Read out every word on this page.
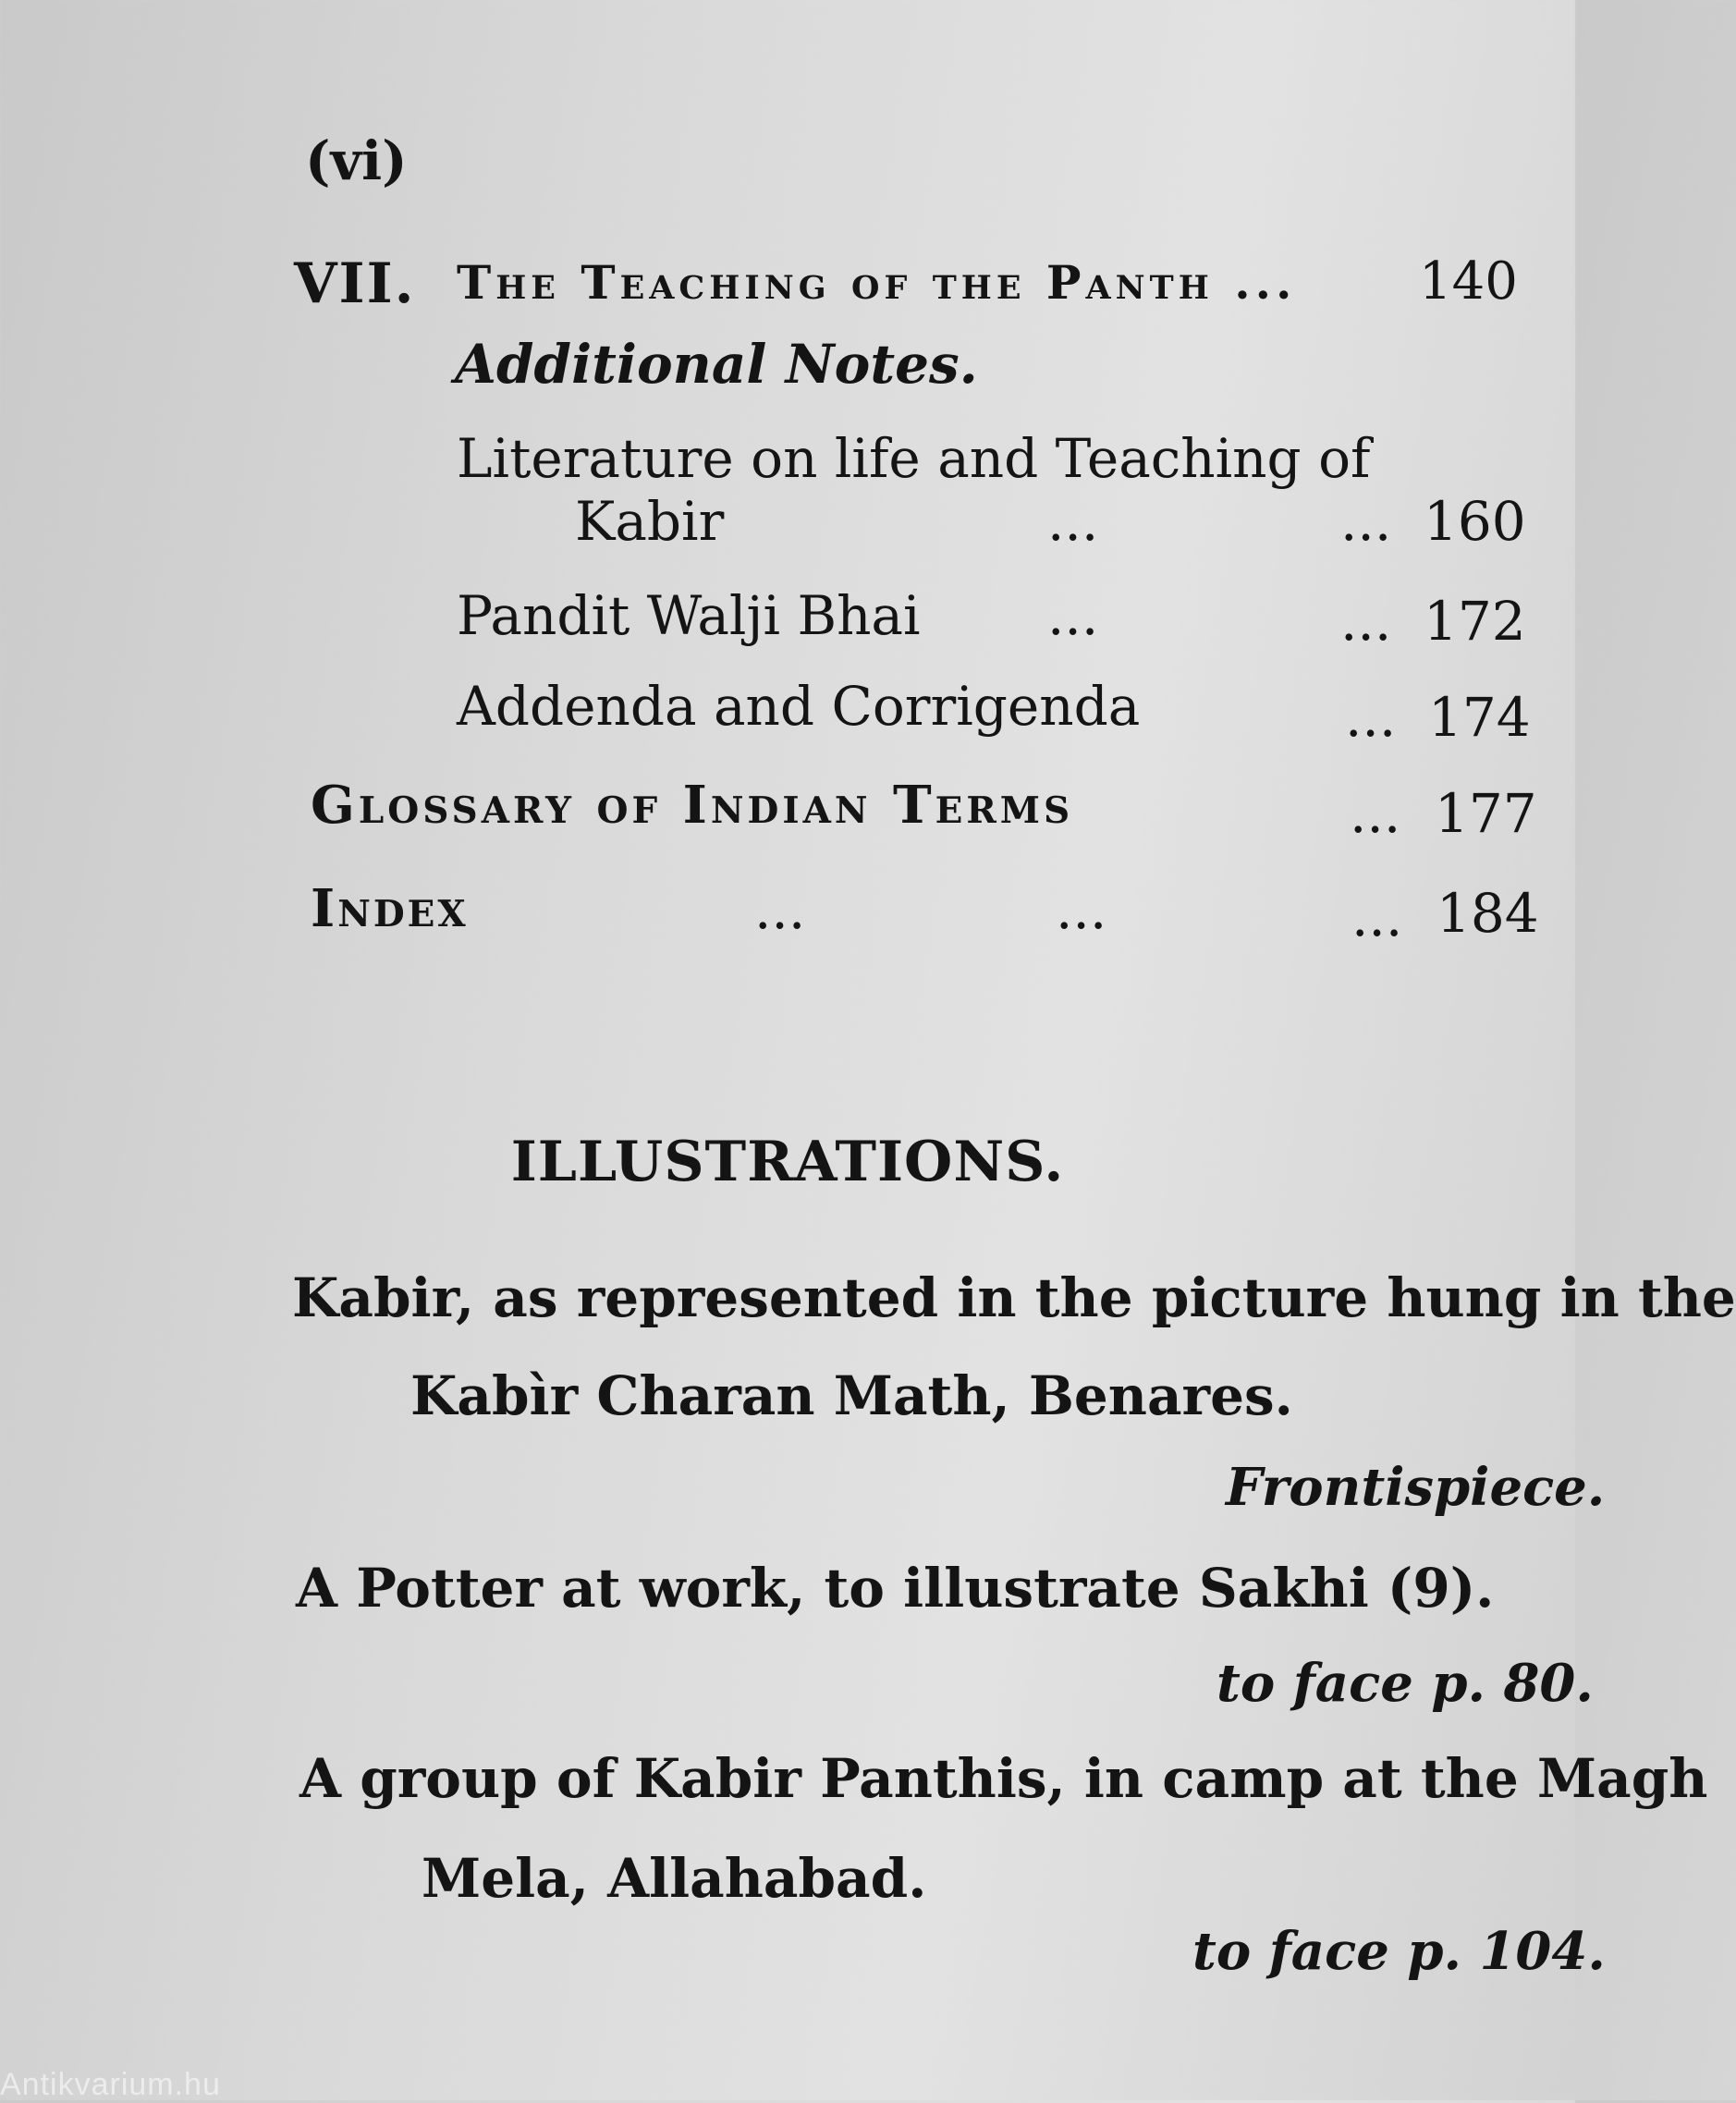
(vi)
VII. The Teaching of the Panth ... 140
Additional Notes.
Literature on life and Teaching of
Kabir	...	... 160
Pandit Walji Bhai ...	... 172
Addenda and Corrigenda	... 174
Glossary of Indian Terms	... 177
Index	...	...	... 184
ILLUSTRATIONS.
Kabir, as represented in the picture hung in the
Kabìr Charan Math, Benares.
Frontispiece.
A Potter at work, to illustrate Sakhi (9).
to face p. 80.
A group of Kabir Panthis, in camp at the Magh
Mela, Allahabad.
to face p. 104.
Antikvarium.hu
